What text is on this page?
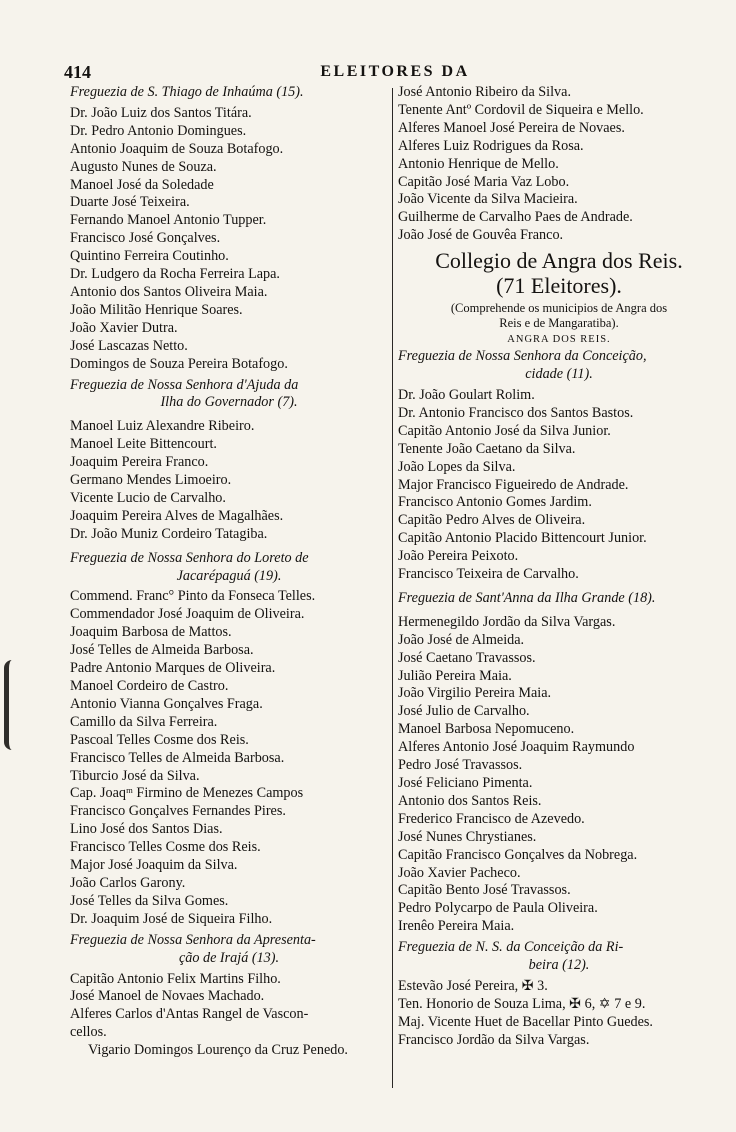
414	ELEITORES DA
Freguezia de S. Thiago de Inhaúma (15).
Dr. João Luiz dos Santos Titára.
Dr. Pedro Antonio Domingues.
Antonio Joaquim de Souza Botafogo.
Augusto Nunes de Souza.
Manoel José da Soledade
Duarte José Teixeira.
Fernando Manoel Antonio Tupper.
Francisco José Gonçalves.
Quintino Ferreira Coutinho.
Dr. Ludgero da Rocha Ferreira Lapa.
Antonio dos Santos Oliveira Maia.
João Militão Henrique Soares.
João Xavier Dutra.
José Lascazas Netto.
Domingos de Souza Pereira Botafogo.
Freguezia de Nossa Senhora d'Ajuda da
Ilha do Governador (7).
Manoel Luiz Alexandre Ribeiro.
Manoel Leite Bittencourt.
Joaquim Pereira Franco.
Germano Mendes Limoeiro.
Vicente Lucio de Carvalho.
Joaquim Pereira Alves de Magalhães.
Dr. João Muniz Cordeiro Tatagiba.
Freguezia de Nossa Senhora do Loreto de
Jacarépaguá (19).
Commend. Franc° Pinto da Fonseca Telles.
Commendador José Joaquim de Oliveira.
Joaquim Barbosa de Mattos.
José Telles de Almeida Barbosa.
Padre Antonio Marques de Oliveira.
Manoel Cordeiro de Castro.
Antonio Vianna Gonçalves Fraga.
Camillo da Silva Ferreira.
Pascoal Telles Cosme dos Reis.
Francisco Telles de Almeida Barbosa.
Tiburcio José da Silva.
Cap. Joaqᵐ Firmino de Menezes Campos
Francisco Gonçalves Fernandes Pires.
Lino José dos Santos Dias.
Francisco Telles Cosme dos Reis.
Major José Joaquim da Silva.
João Carlos Garony.
José Telles da Silva Gomes.
Dr. Joaquim José de Siqueira Filho.
Freguezia de Nossa Senhora da Apresenta-
ção de Irajá (13).
Capitão Antonio Felix Martins Filho.
José Manoel de Novaes Machado.
Alferes Carlos d'Antas Rangel de Vascon-
cellos.
Vigario Domingos Lourenço da Cruz Penedo.
José Antonio Ribeiro da Silva.
Tenente Antº Cordovil de Siqueira e Mello.
Alferes Manoel José Pereira de Novaes.
Alferes Luiz Rodrigues da Rosa.
Antonio Henrique de Mello.
Capitão José Maria Vaz Lobo.
João Vicente da Silva Macieira.
Guilherme de Carvalho Paes de Andrade.
João José de Gouvêa Franco.
Collegio de Angra dos Reis.
(71 Eleitores).
(Comprehende os municipios de Angra dos
Reis e de Mangaratiba).
ANGRA DOS REIS.
Freguezia de Nossa Senhora da Conceição,
cidade (11).
Dr. João Goulart Rolim.
Dr. Antonio Francisco dos Santos Bastos.
Capitão Antonio José da Silva Junior.
Tenente João Caetano da Silva.
João Lopes da Silva.
Major Francisco Figueiredo de Andrade.
Francisco Antonio Gomes Jardim.
Capitão Pedro Alves de Oliveira.
Capitão Antonio Placido Bittencourt Junior.
João Pereira Peixoto.
Francisco Teixeira de Carvalho.
Freguezia de Sant'Anna da Ilha Grande (18).
Hermenegildo Jordão da Silva Vargas.
João José de Almeida.
José Caetano Travassos.
Julião Pereira Maia.
João Virgilio Pereira Maia.
José Julio de Carvalho.
Manoel Barbosa Nepomuceno.
Alferes Antonio José Joaquim Raymundo
Pedro José Travassos.
José Feliciano Pimenta.
Antonio dos Santos Reis.
Frederico Francisco de Azevedo.
José Nunes Chrystianes.
Capitão Francisco Gonçalves da Nobrega.
João Xavier Pacheco.
Capitão Bento José Travassos.
Pedro Polycarpo de Paula Oliveira.
Irenêo Pereira Maia.
Freguezia de N. S. da Conceição da Ri-
beira (12).
Estevão José Pereira, ✠ 3.
Ten. Honorio de Souza Lima, ✠ 6, ✡ 7 e 9.
Maj. Vicente Huet de Bacellar Pinto Guedes.
Francisco Jordão da Silva Vargas.
